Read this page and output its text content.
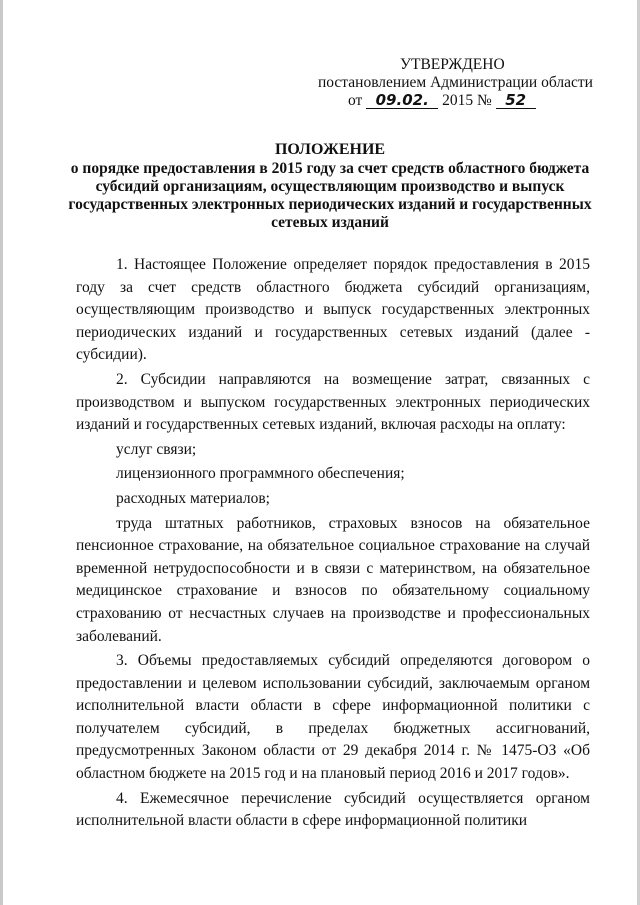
УТВЕРЖДЕНО
постановлением Администрации области
от 09.02. 2015 № 52
ПОЛОЖЕНИЕ
о порядке предоставления в 2015 году за счет средств областного бюджета субсидий организациям, осуществляющим производство и выпуск государственных электронных периодических изданий и государственных сетевых изданий

1. Настоящее Положение определяет порядок предоставления в 2015 году за счет средств областного бюджета субсидий организациям, осуществляющим производство и выпуск государственных электронных периодических изданий и государственных сетевых изданий (далее - субсидии).

2. Субсидии направляются на возмещение затрат, связанных с производством и выпуском государственных электронных периодических изданий и государственных сетевых изданий, включая расходы на оплату:

услуг связи;

лицензионного программного обеспечения;

расходных материалов;

труда штатных работников, страховых взносов на обязательное пенсионное страхование, на обязательное социальное страхование на случай временной нетрудоспособности и в связи с материнством, на обязательное медицинское страхование и взносов по обязательному социальному страхованию от несчастных случаев на производстве и профессиональных заболеваний.

3. Объемы предоставляемых субсидий определяются договором о предоставлении и целевом использовании субсидий, заключаемым органом исполнительной власти области в сфере информационной политики с получателем субсидий, в пределах бюджетных ассигнований, предусмотренных Законом области от 29 декабря 2014 г. № 1475-ОЗ «Об областном бюджете на 2015 год и на плановый период 2016 и 2017 годов».

4. Ежемесячное перечисление субсидий осуществляется органом исполнительной власти области в сфере информационной политики
